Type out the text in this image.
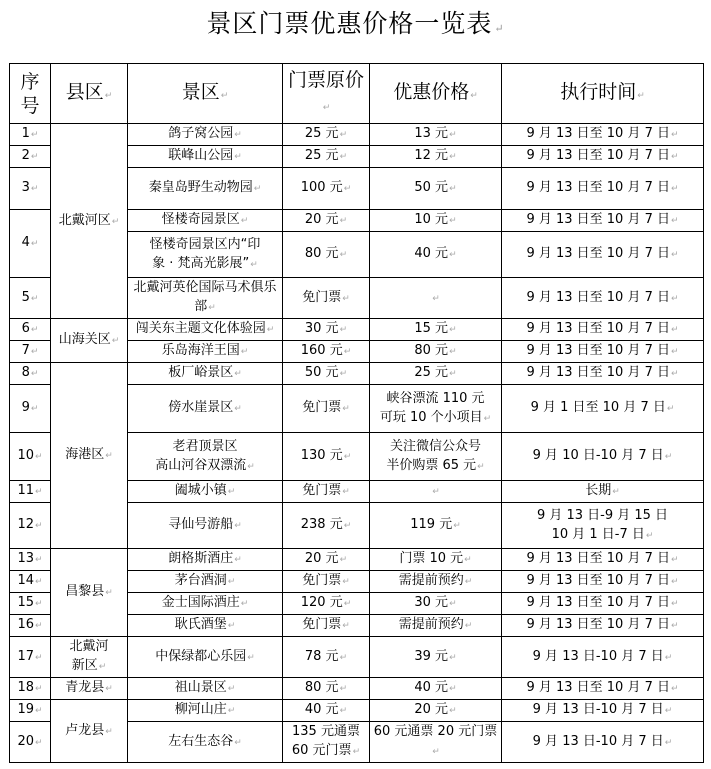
景区门票优惠价格一览表 ↵
序
号	县区↵	景区↵	门票原价↵	优惠价格↵	执行时间↵
1↵	北戴河区↵	鸽子窝公园↵	25 元↵	13 元↵	9 月 13 日至 10 月 7 日↵

2↵		联峰山公园↵	25 元↵	12 元↵	9 月 13 日至 10 月 7 日↵

3↵		秦皇岛野生动物园↵	100 元↵	50 元↵	9 月 13 日至 10 月 7 日↵

4↵		怪楼奇园景区↵	20 元↵	10 元↵	9 月 13 日至 10 月 7 日↵

		怪楼奇园景区内“印
象 · 梵高光影展”↵	80 元↵	40 元↵	9 月 13 日至 10 月 7 日↵

5↵		北戴河英伦国际马术俱乐部↵	免门票↵	↵	9 月 13 日至 10 月 7 日↵

6↵	山海关区↵	闯关东主题文化体验园↵	30 元↵	15 元↵	9 月 13 日至 10 月 7 日↵

7↵		乐岛海洋王国↵	160 元↵	80 元↵	9 月 13 日至 10 月 7 日↵

8↵	海港区↵	板厂峪景区↵	50 元↵	25 元↵	9 月 13 日至 10 月 7 日↵

9↵		傍水崖景区↵	免门票↵	峡谷漂流 110 元
可玩 10 个小项目↵	9 月 1 日至 10 月 7 日↵

10↵		老君顶景区
高山河谷双漂流↵	130 元↵	关注微信公众号
半价购票 65 元↵	9 月 10 日-10 月 7 日↵

11↵		阖城小镇↵	免门票↵	↵	长期↵

12↵		寻仙号游船↵	238 元↵	119 元↵	9 月 13 日-9 月 15 日
10 月 1 日-7 日↵

13↵	昌黎县↵	朗格斯酒庄↵	20 元↵	门票 10 元↵	9 月 13 日至 10 月 7 日↵

14↵		茅台酒洞↵	免门票↵	需提前预约↵	9 月 13 日至 10 月 7 日↵

15↵		金士国际酒庄↵	120 元↵	30 元↵	9 月 13 日至 10 月 7 日↵

16↵		耿氏酒堡↵	免门票↵	需提前预约↵	9 月 13 日至 10 月 7 日↵

17↵	北戴河
新区↵	中保绿都心乐园↵	78 元↵	39 元↵	9 月 13 日-10 月 7 日↵

18↵	青龙县↵	祖山景区↵	80 元↵	40 元↵	9 月 13 日至 10 月 7 日↵

19↵	卢龙县↵	柳河山庄↵	40 元↵	20 元↵	9 月 13 日-10 月 7 日↵

20↵		左右生态谷↵	135 元通票
60 元门票↵	60 元通票 20 元门票↵	9 月 13 日-10 月 7 日↵
